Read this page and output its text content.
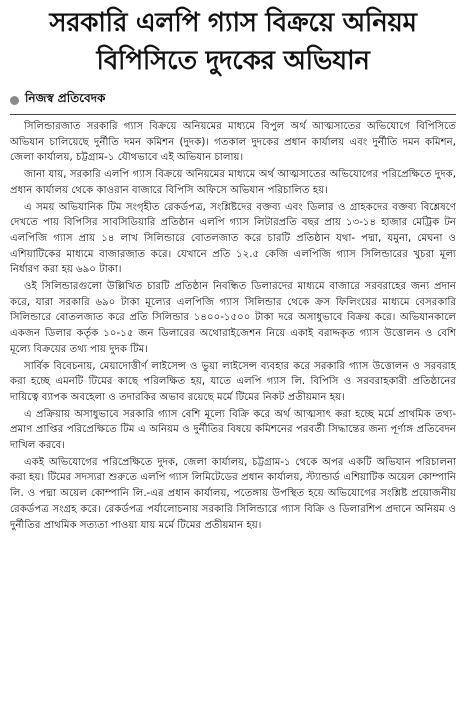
সরকারি এলপি গ্যাস বিক্রয়ে অনিয়ম
বিপিসিতে দুদকের অভিযান
নিজস্ব প্রতিবেদক

সিলিন্ডারজাত সরকারি গ্যাস বিক্রয়ে অনিয়মের মাধ্যমে বিপুল অর্থ আত্মসাতের অভিযোগে বিপিসিতে অভিযান চালিয়েছে দুর্নীতি দমন কমিশন (দুদক)। গতকাল দুদকের প্রধান কার্যালয় এবং দুর্নীতি দমন কমিশন, জেলা কার্যালয়, চট্টগ্রাম-১ যৌথভাবে এই অভিযান চালায়।

জানা যায়, সরকারি এলপি গ্যাস বিক্রয়ে অনিয়মের মাধ্যমে অর্থ আত্মসাতের অভিযোগের পরিপ্রেক্ষিতে দুদক, প্রধান কার্যালয় থেকে কাওরান বাজারে বিপিসি অফিসে অভিযান পরিচালিত হয়।

এ সময় অভিযানিক টিম সংগৃহীত রেকর্ডপত্র, সংশ্লিষ্টদের বক্তব্য এবং ডিলার ও গ্রাহকদের বক্তব্য বিশ্লেষণে দেখতে পায় বিপিসির সাবসিডিয়ারি প্রতিষ্ঠান এলপি গ্যাস লিটারপ্রতি বছর প্রায় ১৩-১৪ হাজার মেট্রিক টন এলপিজি গ্যাস প্রায় ১৪ লাখ সিলিন্ডারে বোতলজাত করে চারটি প্রতিষ্ঠান যথা- পদ্মা, যমুনা, মেঘনা ও এশিয়াটিকের মাধ্যমে বাজারজাত করে। যেখানে প্রতি ১২.৫ কেজি এলপিজি গ্যাস সিলিন্ডারের খুচরা মূল্য নির্ধারণ করা হয় ৬৯০ টাকা।

ওই সিলিন্ডারগুলো উল্লিখিত চারটি প্রতিষ্ঠান নিবন্ধিত ডিলারদের মাধ্যমে বাজারে সরবরাহের জন্য প্রদান করে, যারা সরকারি ৬৯০ টাকা মূল্যের এলপিজি গ্যাস সিলিন্ডার থেকে ক্রস ফিলিংয়ের মাধ্যমে বেসরকারি সিলিন্ডারে বোতলজাত করে প্রতি সিলিন্ডার ১৪০০-১৫০০ টাকা দরে অসাধুভাবে বিক্রয় করে। অভিযানকালে একজন ডিলার কর্তৃক ১০-১৫ জন ডিলারের অথোরাইজেশন নিয়ে একাই বরাদ্দকৃত গ্যাস উত্তোলন ও বেশি মূল্যে বিক্রয়ের তথ্য পায় দুদক টিম।

সার্বিক বিবেচনায়, মেয়াদোত্তীর্ণ লাইসেন্স ও ভুয়া লাইসেন্স ব্যবহার করে সরকারি গ্যাস উত্তোলন ও সরবরাহ করা হচ্ছে এমনটি টিমের কাছে পরিলক্ষিত হয়, যাতে এলপি গ্যাস লি. বিপিসি ও সরবরাহকারী প্রতিষ্ঠানের দায়িত্বে ব্যাপক অবহেলা ও তদারকির অভাব রয়েছে মর্মে টিমের নিকট প্রতীয়মান হয়।

এ প্রক্রিয়ায় অসাধুভাবে সরকারি গ্যাস বেশি মূল্যে বিক্রি করে অর্থ আত্মসাৎ করা হচ্ছে মর্মে প্রাথমিক তথ্য-প্রমাণ প্রাপ্তির পরিপ্রেক্ষিতে টিম এ অনিয়ম ও দুর্নীতির বিষয়ে কমিশনের পরবর্তী সিদ্ধান্তের জন্য পূর্ণাঙ্গ প্রতিবেদন দাখিল করবে।

একই অভিযোগের পরিপ্রেক্ষিতে দুদক, জেলা কার্যালয়, চট্টগ্রাম-১ থেকে অপর একটি অভিযান পরিচালনা করা হয়। টিমের সদস্যরা শুরুতে এলপি গ্যাস লিমিটেডের প্রধান কার্যালয়, স্ট্যান্ডার্ড এশিয়াটিক অয়েল কোম্পানি লি. ও পদ্মা অয়েল কোম্পানি লি.-এর প্রধান কার্যালয়, পতেঙ্গায় উপস্থিত হয়ে অভিযোগের সংশ্লিষ্ট প্রয়োজনীয় রেকর্ডপত্র সংগ্রহ করে। রেকর্ডপত্র পর্যালোচনায় সরকারি সিলিন্ডারে গ্যাস বিক্রি ও ডিলারশিপ প্রদানে অনিয়ম ও দুর্নীতির প্রাথমিক সত্যতা পাওয়া যায় মর্মে টিমের প্রতীয়মান হয়।
